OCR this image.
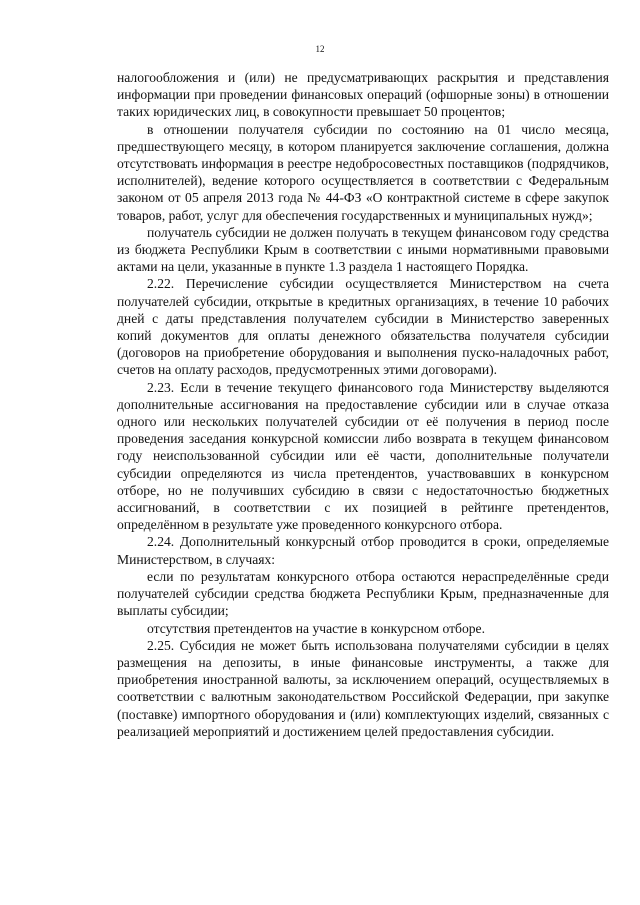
12

налогообложения и (или) не предусматривающих раскрытия и представления информации при проведении финансовых операций (офшорные зоны) в отношении таких юридических лиц, в совокупности превышает 50 процентов;

в отношении получателя субсидии по состоянию на 01 число месяца, предшествующего месяцу, в котором планируется заключение соглашения, должна отсутствовать информация в реестре недобросовестных поставщиков (подрядчиков, исполнителей), ведение которого осуществляется в соответствии с Федеральным законом от 05 апреля 2013 года № 44-ФЗ «О контрактной системе в сфере закупок товаров, работ, услуг для обеспечения государственных и муниципальных нужд»;

получатель субсидии не должен получать в текущем финансовом году средства из бюджета Республики Крым в соответствии с иными нормативными правовыми актами на цели, указанные в пункте 1.3 раздела 1 настоящего Порядка.

2.22. Перечисление субсидии осуществляется Министерством на счета получателей субсидии, открытые в кредитных организациях, в течение 10 рабочих дней с даты представления получателем субсидии в Министерство заверенных копий документов для оплаты денежного обязательства получателя субсидии (договоров на приобретение оборудования и выполнения пуско-наладочных работ, счетов на оплату расходов, предусмотренных этими договорами).

2.23. Если в течение текущего финансового года Министерству выделяются дополнительные ассигнования на предоставление субсидии или в случае отказа одного или нескольких получателей субсидии от её получения в период после проведения заседания конкурсной комиссии либо возврата в текущем финансовом году неиспользованной субсидии или её части, дополнительные получатели субсидии определяются из числа претендентов, участвовавших в конкурсном отборе, но не получивших субсидию в связи с недостаточностью бюджетных ассигнований, в соответствии с их позицией в рейтинге претендентов, определённом в результате уже проведенного конкурсного отбора.

2.24. Дополнительный конкурсный отбор проводится в сроки, определяемые Министерством, в случаях:

если по результатам конкурсного отбора остаются нераспределённые среди получателей субсидии средства бюджета Республики Крым, предназначенные для выплаты субсидии;

отсутствия претендентов на участие в конкурсном отборе.

2.25. Субсидия не может быть использована получателями субсидии в целях размещения на депозиты, в иные финансовые инструменты, а также для приобретения иностранной валюты, за исключением операций, осуществляемых в соответствии с валютным законодательством Российской Федерации, при закупке (поставке) импортного оборудования и (или) комплектующих изделий, связанных с реализацией мероприятий и достижением целей предоставления субсидии.
